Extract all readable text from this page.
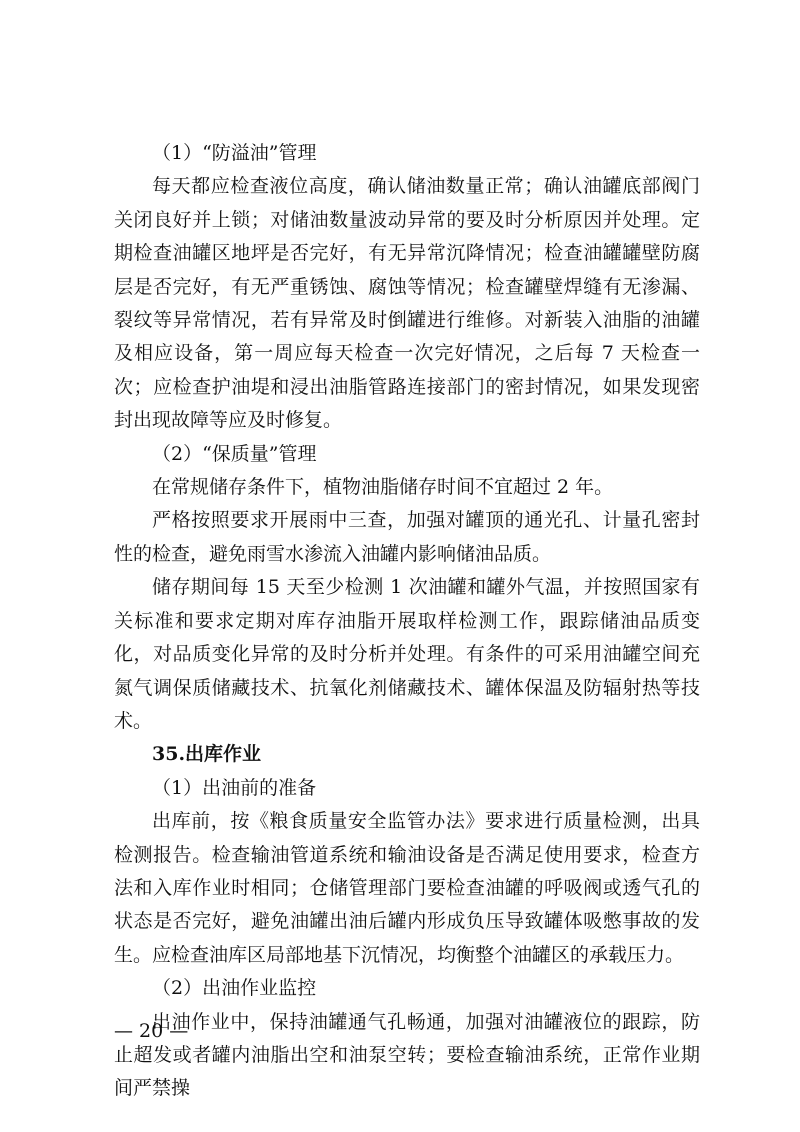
（1）“防溢油”管理

每天都应检查液位高度，确认储油数量正常；确认油罐底部阀门关闭良好并上锁；对储油数量波动异常的要及时分析原因并处理。定期检查油罐区地坪是否完好，有无异常沉降情况；检查油罐罐壁防腐层是否完好，有无严重锈蚀、腐蚀等情况；检查罐壁焊缝有无渗漏、裂纹等异常情况，若有异常及时倒罐进行维修。对新装入油脂的油罐及相应设备，第一周应每天检查一次完好情况，之后每 7 天检查一次；应检查护油堤和浸出油脂管路连接部门的密封情况，如果发现密封出现故障等应及时修复。

（2）“保质量”管理

在常规储存条件下，植物油脂储存时间不宜超过 2 年。

严格按照要求开展雨中三查，加强对罐顶的通光孔、计量孔密封性的检查，避免雨雪水渗流入油罐内影响储油品质。

储存期间每 15 天至少检测 1 次油罐和罐外气温，并按照国家有关标准和要求定期对库存油脂开展取样检测工作，跟踪储油品质变化，对品质变化异常的及时分析并处理。有条件的可采用油罐空间充氮气调保质储藏技术、抗氧化剂储藏技术、罐体保温及防辐射热等技术。

35.出库作业

（1）出油前的准备

出库前，按《粮食质量安全监管办法》要求进行质量检测，出具检测报告。检查输油管道系统和输油设备是否满足使用要求，检查方法和入库作业时相同；仓储管理部门要检查油罐的呼吸阀或透气孔的状态是否完好，避免油罐出油后罐内形成负压导致罐体吸憋事故的发生。应检查油库区局部地基下沉情况，均衡整个油罐区的承载压力。

（2）出油作业监控

出油作业中，保持油罐通气孔畅通，加强对油罐液位的跟踪，防止超发或者罐内油脂出空和油泵空转；要检查输油系统，正常作业期间严禁操

— 20 —
